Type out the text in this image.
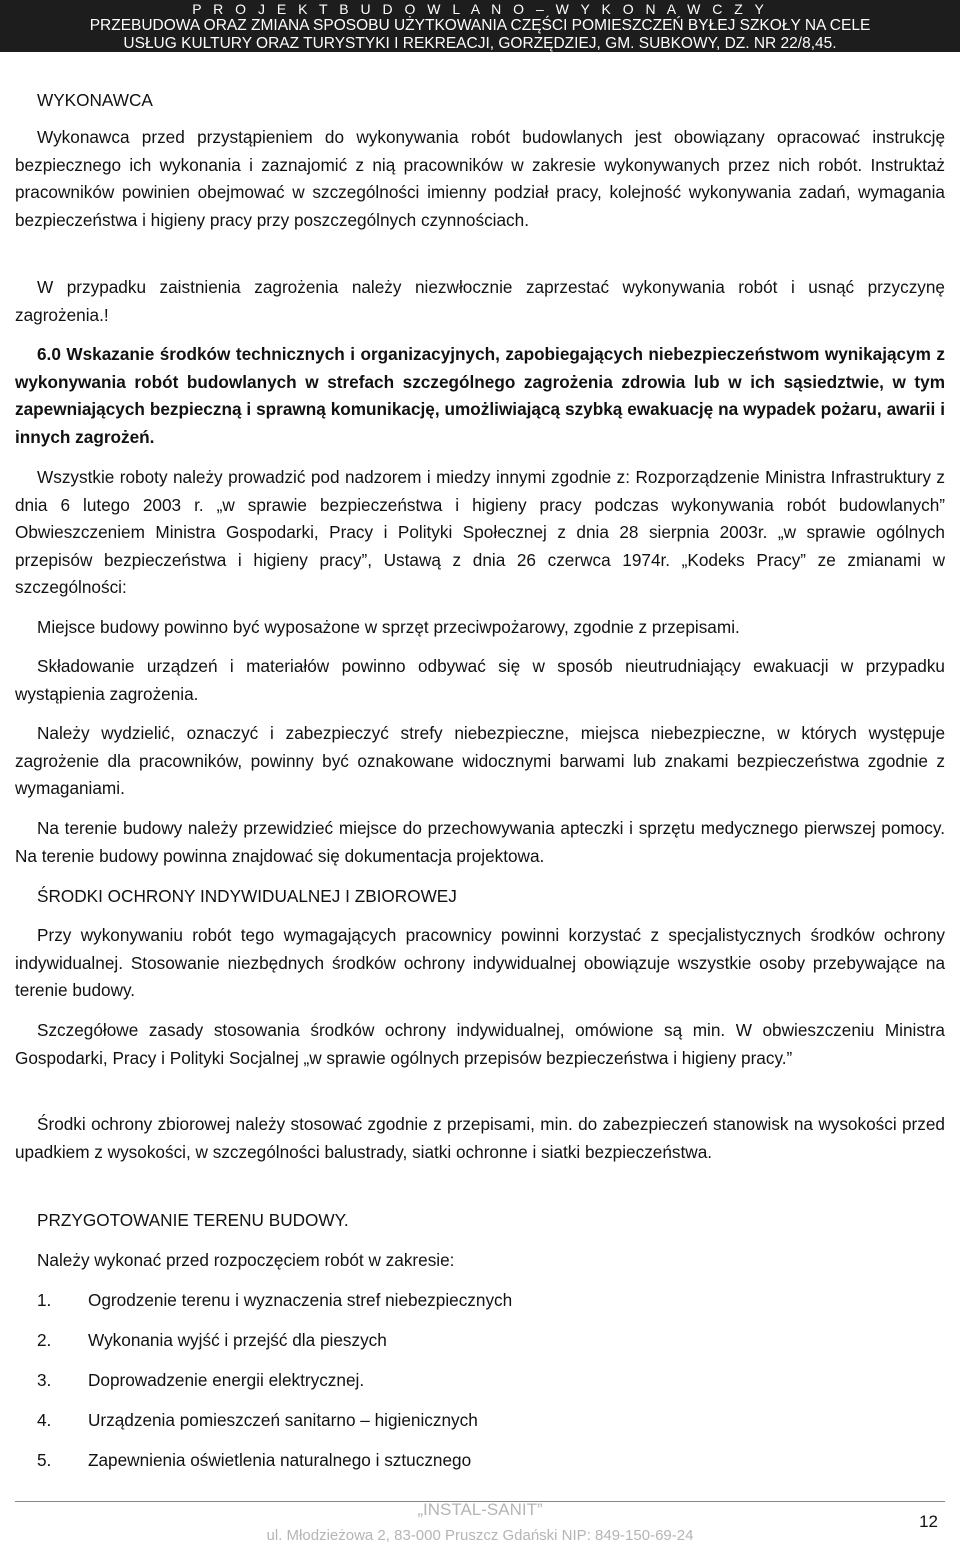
P R O J E K T B U D O W L A N O – W Y K O N A W C Z Y
PRZEBUDOWA ORAZ ZMIANA SPOSOBU UŻYTKOWANIA CZĘŚCI POMIESZCZEŃ BYŁEJ SZKOŁY NA CELE
USŁUG KULTURY ORAZ TURYSTYKI I REKREACJI, GORZĘDZIEJ, GM. SUBKOWY, DZ. NR 22/8,45.

WYKONAWCA

Wykonawca przed przystąpieniem do wykonywania robót budowlanych jest obowiązany opracować instrukcję bezpiecznego ich wykonania i zaznajomić z nią pracowników w zakresie wykonywanych przez nich robót. Instruktaż pracowników powinien obejmować w szczególności imienny podział pracy, kolejność wykonywania zadań, wymagania bezpieczeństwa i higieny pracy przy poszczególnych czynnościach.

W przypadku zaistnienia zagrożenia należy niezwłocznie zaprzestać wykonywania robót i usnąć przyczynę zagrożenia.!

6.0 Wskazanie środków technicznych i organizacyjnych, zapobiegających niebezpieczeństwom wynikającym z wykonywania robót budowlanych w strefach szczególnego zagrożenia zdrowia lub w ich sąsiedztwie, w tym zapewniających bezpieczną i sprawną komunikację, umożliwiającą szybką ewakuację na wypadek pożaru, awarii i innych zagrożeń.

Wszystkie roboty należy prowadzić pod nadzorem i miedzy innymi zgodnie z: Rozporządzenie Ministra Infrastruktury z dnia 6 lutego 2003 r. „w sprawie bezpieczeństwa i higieny pracy podczas wykonywania robót budowlanych” Obwieszczeniem Ministra Gospodarki, Pracy i Polityki Społecznej z dnia 28 sierpnia 2003r. „w sprawie ogólnych przepisów bezpieczeństwa i higieny pracy”, Ustawą z dnia 26 czerwca 1974r. „Kodeks Pracy” ze zmianami w szczególności:

Miejsce budowy powinno być wyposażone w sprzęt przeciwpożarowy, zgodnie z przepisami.

Składowanie urządzeń i materiałów powinno odbywać się w sposób nieutrudniający ewakuacji w przypadku wystąpienia zagrożenia.

Należy wydzielić, oznaczyć i zabezpieczyć strefy niebezpieczne, miejsca niebezpieczne, w których występuje zagrożenie dla pracowników, powinny być oznakowane widocznymi barwami lub znakami bezpieczeństwa zgodnie z wymaganiami.

Na terenie budowy należy przewidzieć miejsce do przechowywania apteczki i sprzętu medycznego pierwszej pomocy. Na terenie budowy powinna znajdować się dokumentacja projektowa.

ŚRODKI OCHRONY INDYWIDUALNEJ I ZBIOROWEJ

Przy wykonywaniu robót tego wymagających pracownicy powinni korzystać z specjalistycznych środków ochrony indywidualnej. Stosowanie niezbędnych środków ochrony indywidualnej obowiązuje wszystkie osoby przebywające na terenie budowy.

Szczegółowe zasady stosowania środków ochrony indywidualnej, omówione są min. W obwieszczeniu Ministra Gospodarki, Pracy i Polityki Socjalnej „w sprawie ogólnych przepisów bezpieczeństwa i higieny pracy.”

Środki ochrony zbiorowej należy stosować zgodnie z przepisami, min. do zabezpieczeń stanowisk na wysokości przed upadkiem z wysokości, w szczególności balustrady, siatki ochronne i siatki bezpieczeństwa.

PRZYGOTOWANIE TERENU BUDOWY.

Należy wykonać przed rozpoczęciem robót w zakresie:

1. Ogrodzenie terenu i wyznaczenia stref niebezpiecznych

2. Wykonania wyjść i przejść dla pieszych

3. Doprowadzenie energii elektrycznej.

4. Urządzenia pomieszczeń sanitarno – higienicznych

5. Zapewnienia oświetlenia naturalnego i sztucznego

„INSTAL-SANIT”
ul. Młodzieżowa 2, 83-000 Pruszcz Gdański NIP: 849-150-69-24
12
